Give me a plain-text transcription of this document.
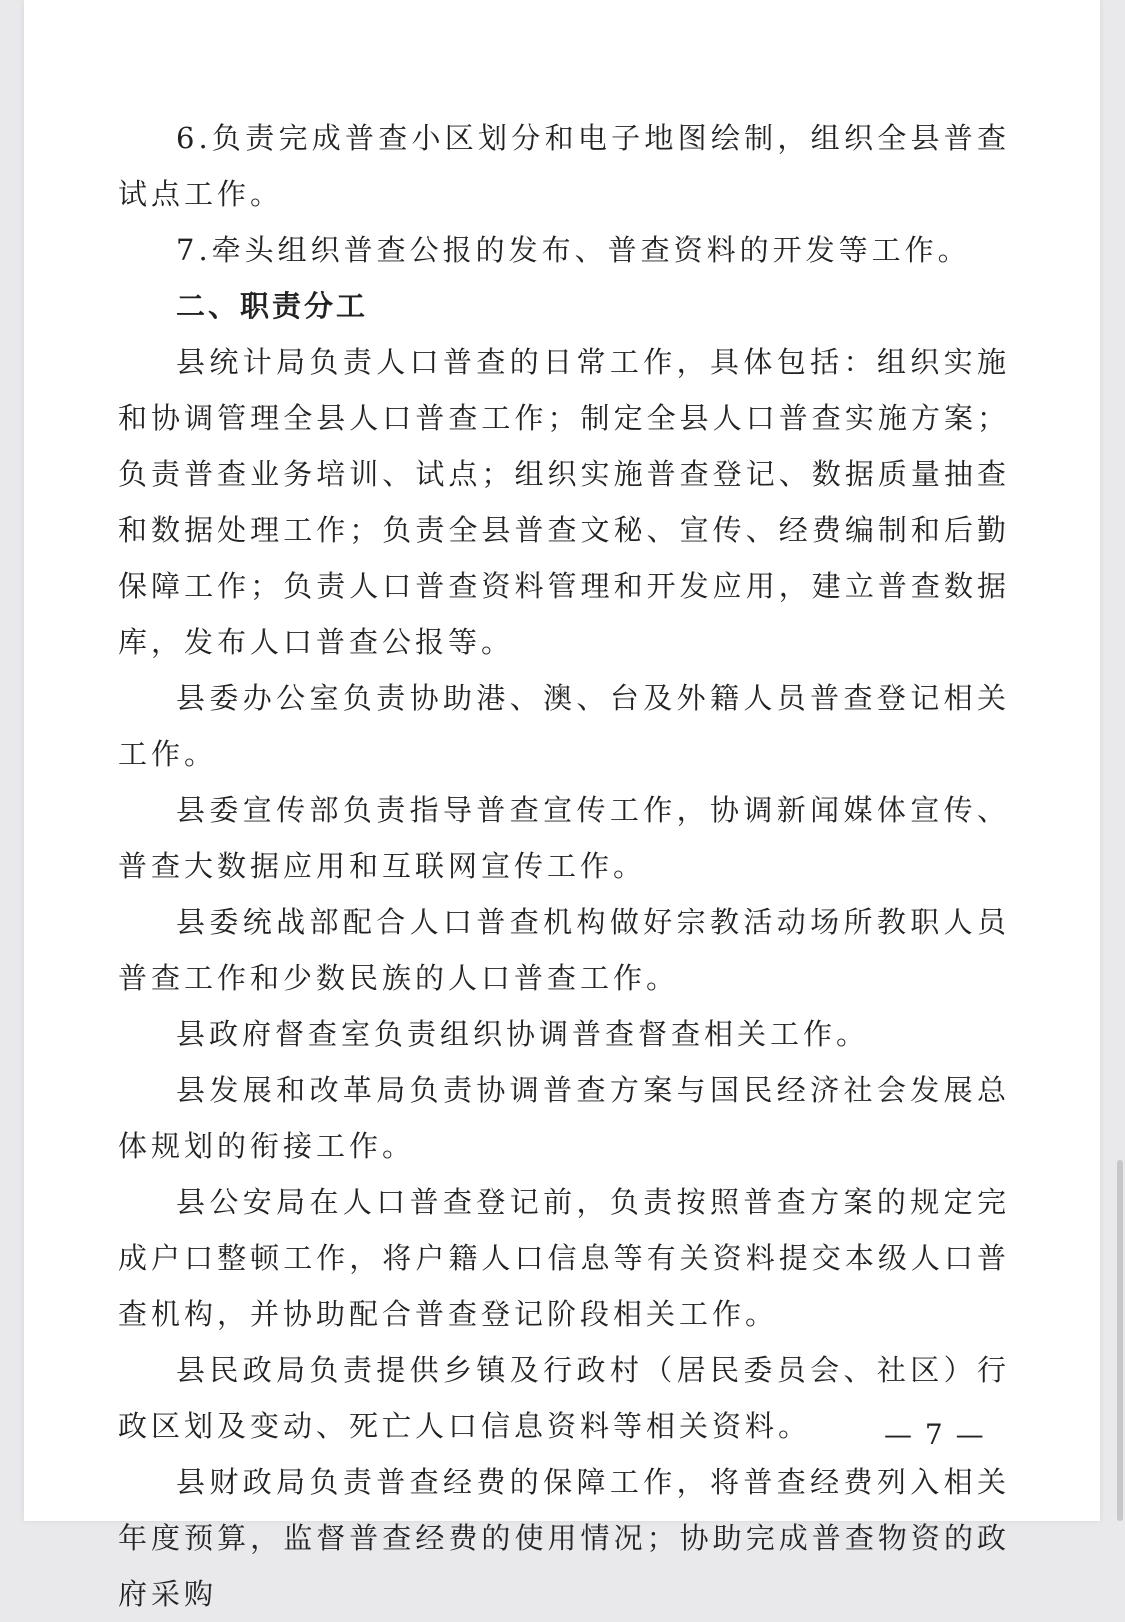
6.负责完成普查小区划分和电子地图绘制，组织全县普查试点工作。

7.牵头组织普查公报的发布、普查资料的开发等工作。

二、职责分工

县统计局负责人口普查的日常工作，具体包括：组织实施和协调管理全县人口普查工作；制定全县人口普查实施方案；负责普查业务培训、试点；组织实施普查登记、数据质量抽查和数据处理工作；负责全县普查文秘、宣传、经费编制和后勤保障工作；负责人口普查资料管理和开发应用，建立普查数据库，发布人口普查公报等。

县委办公室负责协助港、澳、台及外籍人员普查登记相关工作。

县委宣传部负责指导普查宣传工作，协调新闻媒体宣传、普查大数据应用和互联网宣传工作。

县委统战部配合人口普查机构做好宗教活动场所教职人员普查工作和少数民族的人口普查工作。

县政府督查室负责组织协调普查督查相关工作。

县发展和改革局负责协调普查方案与国民经济社会发展总体规划的衔接工作。

县公安局在人口普查登记前，负责按照普查方案的规定完成户口整顿工作，将户籍人口信息等有关资料提交本级人口普查机构，并协助配合普查登记阶段相关工作。

县民政局负责提供乡镇及行政村（居民委员会、社区）行政区划及变动、死亡人口信息资料等相关资料。

县财政局负责普查经费的保障工作，将普查经费列入相关年度预算，监督普查经费的使用情况；协助完成普查物资的政府采购

— 7 —
